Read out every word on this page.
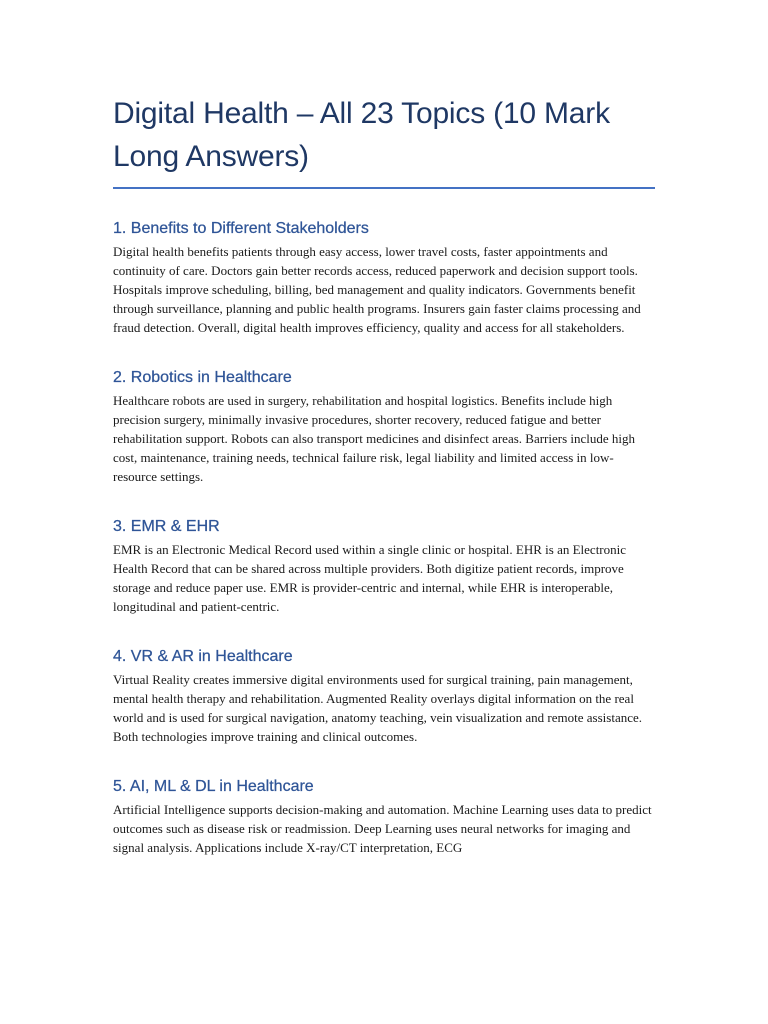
Digital Health – All 23 Topics (10 Mark Long Answers)
1. Benefits to Different Stakeholders

Digital health benefits patients through easy access, lower travel costs, faster appointments and continuity of care. Doctors gain better records access, reduced paperwork and decision support tools. Hospitals improve scheduling, billing, bed management and quality indicators. Governments benefit through surveillance, planning and public health programs. Insurers gain faster claims processing and fraud detection. Overall, digital health improves efficiency, quality and access for all stakeholders.

2. Robotics in Healthcare

Healthcare robots are used in surgery, rehabilitation and hospital logistics. Benefits include high precision surgery, minimally invasive procedures, shorter recovery, reduced fatigue and better rehabilitation support. Robots can also transport medicines and disinfect areas. Barriers include high cost, maintenance, training needs, technical failure risk, legal liability and limited access in low-resource settings.

3. EMR & EHR

EMR is an Electronic Medical Record used within a single clinic or hospital. EHR is an Electronic Health Record that can be shared across multiple providers. Both digitize patient records, improve storage and reduce paper use. EMR is provider-centric and internal, while EHR is interoperable, longitudinal and patient-centric.

4. VR & AR in Healthcare

Virtual Reality creates immersive digital environments used for surgical training, pain management, mental health therapy and rehabilitation. Augmented Reality overlays digital information on the real world and is used for surgical navigation, anatomy teaching, vein visualization and remote assistance. Both technologies improve training and clinical outcomes.

5. AI, ML & DL in Healthcare

Artificial Intelligence supports decision-making and automation. Machine Learning uses data to predict outcomes such as disease risk or readmission. Deep Learning uses neural networks for imaging and signal analysis. Applications include X-ray/CT interpretation, ECG
